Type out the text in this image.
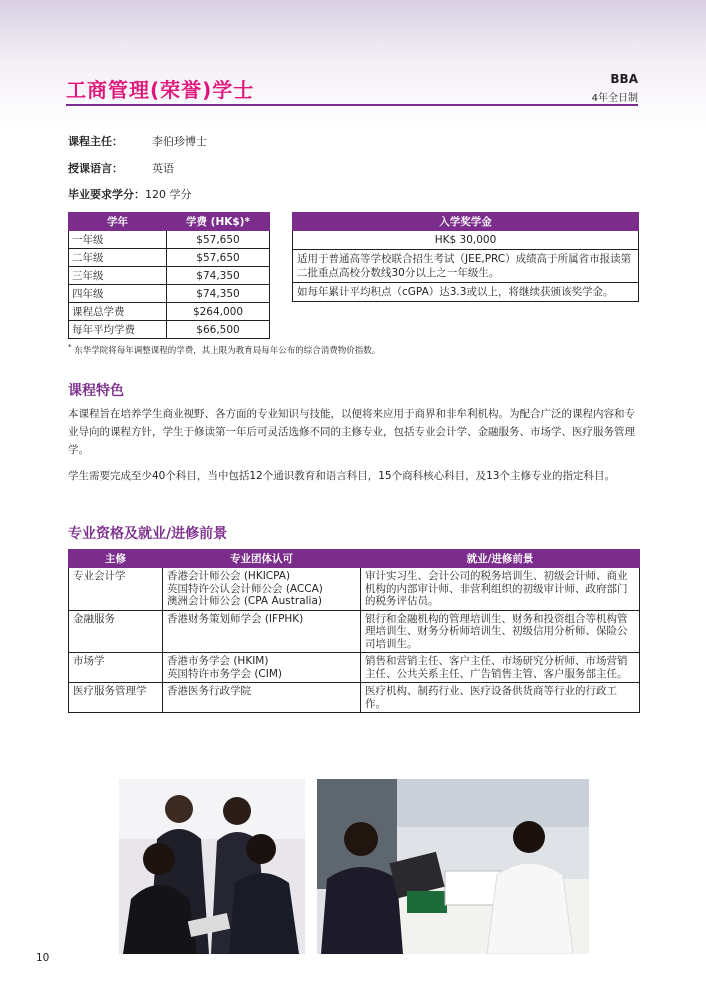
工商管理(荣誉)学士	BBA
4年全日制
课程主任：	李伯珍博士
授课语言：	英语
毕业要求学分：120 学分
学年	学费 (HK$)*
一年级	$57,650
二年级	$57,650
三年级	$74,350
四年级	$74,350
课程总学费	$264,000
每年平均学费	$66,500
入学奖学金
HK$ 30,000
适用于普通高等学校联合招生考试（JEE,PRC）成绩高于所属省市报读第二批重点高校分数线30分以上之一年级生。
如每年累计平均积点（cGPA）达3.3或以上，将继续获颁该奖学金。
* 东华学院将每年调整课程的学费，其上限为教育局每年公布的综合消费物价指数。
课程特色
本课程旨在培养学生商业视野、各方面的专业知识与技能，以便将来应用于商界和非牟利机构。为配合广泛的课程内容和专业导向的课程方针，学生于修读第一年后可灵活选修不同的主修专业，包括专业会计学、金融服务、市场学、医疗服务管理学。
学生需要完成至少40个科目，当中包括12个通识教育和语言科目，15个商科核心科目，及13个主修专业的指定科目。
专业资格及就业/进修前景
主修	专业团体认可	就业/进修前景
专业会计学	香港会计师公会 (HKICPA)
英国特许公认会计师公会 (ACCA)
澳洲会计师公会 (CPA Australia)	审计实习生、会计公司的税务培训生、初级会计师、商业机构的内部审计师、非营利组织的初级审计师、政府部门的税务评估员。
金融服务	香港财务策划师学会 (IFPHK)	银行和金融机构的管理培训生、财务和投资组合等机构管理培训生、财务分析师培训生、初级信用分析师、保险公司培训生。
市场学	香港市务学会 (HKIM)
英国特许市务学会 (CIM)	销售和营销主任、客户主任、市场研究分析师、市场营销主任、公共关系主任、广告销售主管、客户服务部主任。
医疗服务管理学	香港医务行政学院	医疗机构、制药行业、医疗设备供货商等行业的行政工作。
10
